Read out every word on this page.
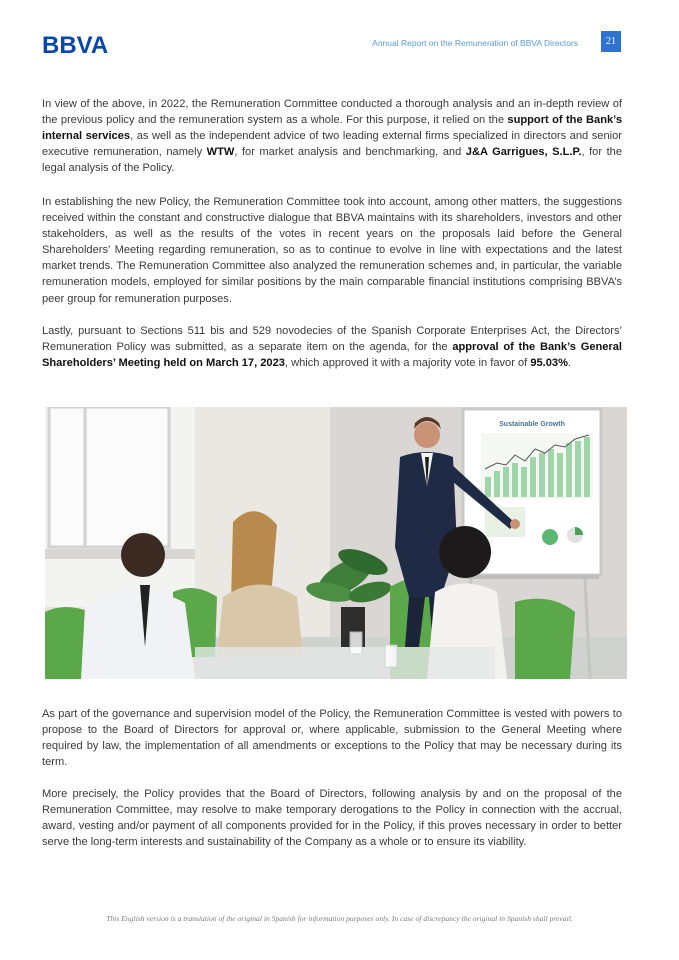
BBVA	Annual Report on the Remuneration of BBVA Directors	21
In view of the above, in 2022, the Remuneration Committee conducted a thorough analysis and an in-depth review of the previous policy and the remuneration system as a whole. For this purpose, it relied on the support of the Bank’s internal services, as well as the independent advice of two leading external firms specialized in directors and senior executive remuneration, namely WTW, for market analysis and benchmarking, and J&A Garrigues, S.L.P., for the legal analysis of the Policy.
In establishing the new Policy, the Remuneration Committee took into account, among other matters, the suggestions received within the constant and constructive dialogue that BBVA maintains with its shareholders, investors and other stakeholders, as well as the results of the votes in recent years on the proposals laid before the General Shareholders’ Meeting regarding remuneration, so as to continue to evolve in line with expectations and the latest market trends. The Remuneration Committee also analyzed the remuneration schemes and, in particular, the variable remuneration models, employed for similar positions by the main comparable financial institutions comprising BBVA’s peer group for remuneration purposes.
Lastly, pursuant to Sections 511 bis and 529 novodecies of the Spanish Corporate Enterprises Act, the Directors’ Remuneration Policy was submitted, as a separate item on the agenda, for the approval of the Bank’s General Shareholders’ Meeting held on March 17, 2023, which approved it with a majority vote in favor of 95.03%.
Sustainable Growth
As part of the governance and supervision model of the Policy, the Remuneration Committee is vested with powers to propose to the Board of Directors for approval or, where applicable, submission to the General Meeting where required by law, the implementation of all amendments or exceptions to the Policy that may be necessary during its term.
More precisely, the Policy provides that the Board of Directors, following analysis by and on the proposal of the Remuneration Committee, may resolve to make temporary derogations to the Policy in connection with the accrual, award, vesting and/or payment of all components provided for in the Policy, if this proves necessary in order to better serve the long-term interests and sustainability of the Company as a whole or to ensure its viability.
This English version is a translation of the original in Spanish for information purposes only. In case of discrepancy the original in Spanish shall prevail.
